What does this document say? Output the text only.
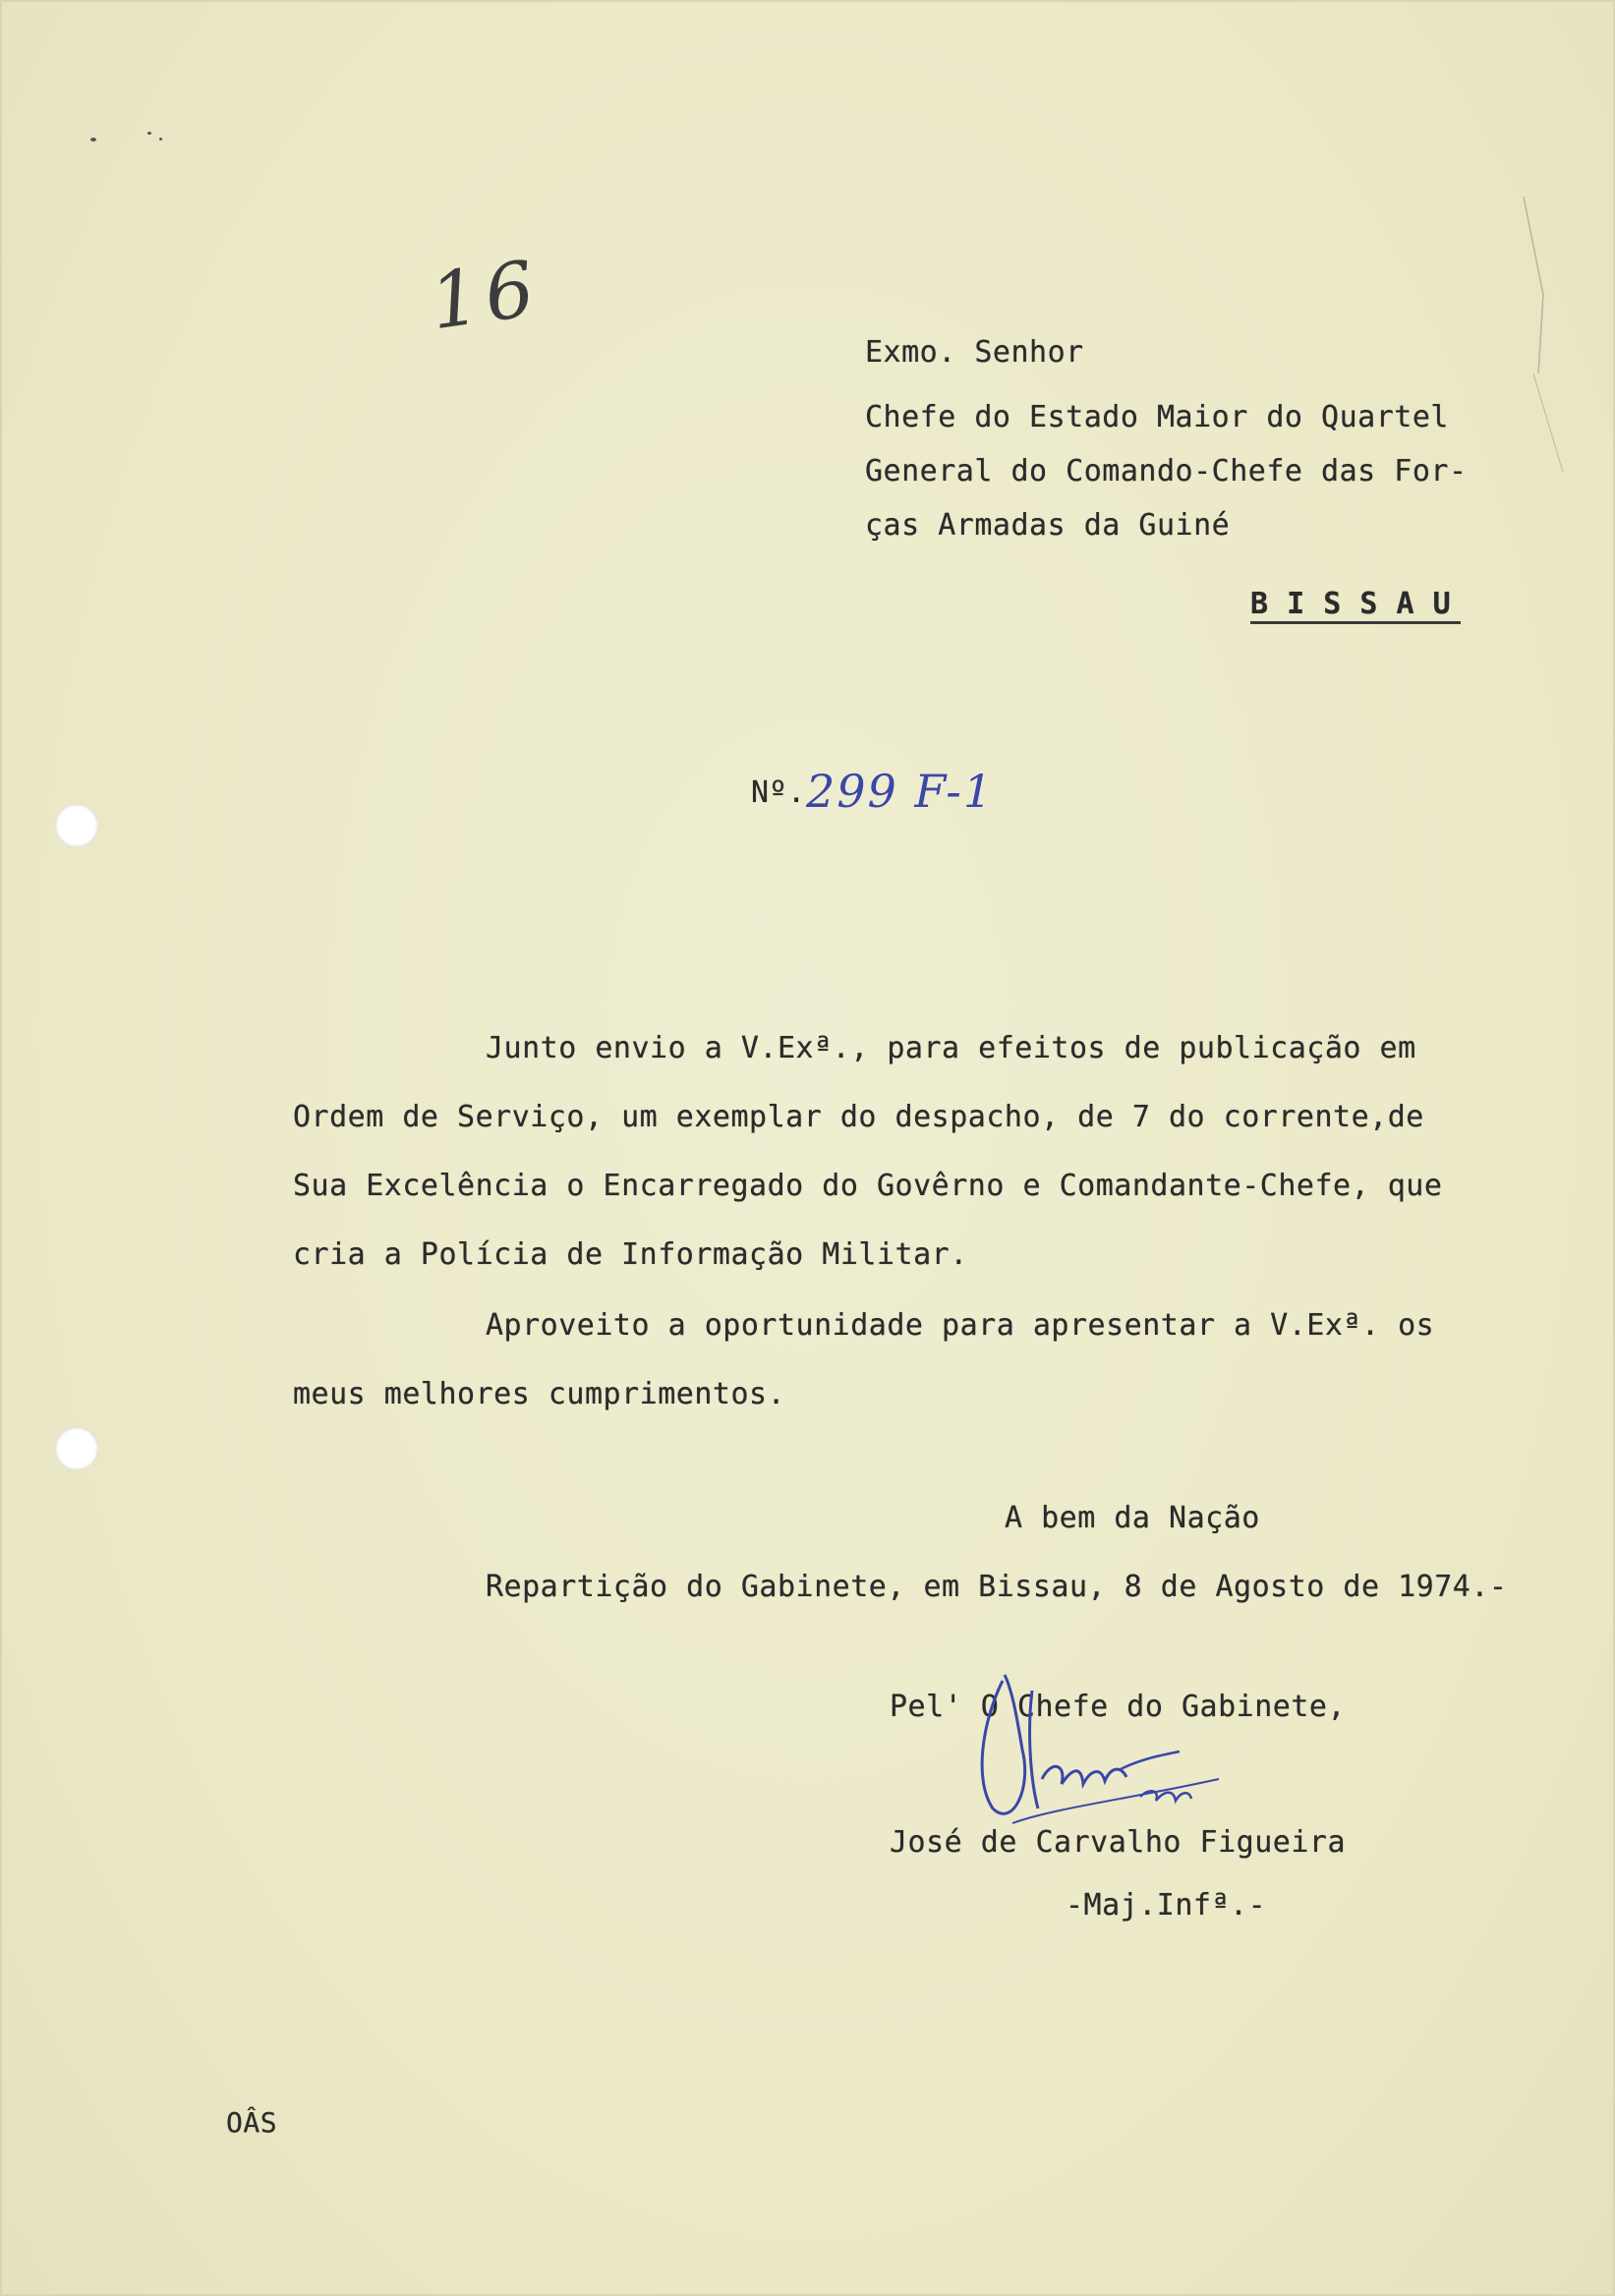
16
Exmo. Senhor
Chefe do Estado Maior do Quartel
General do Comando-Chefe das For-
ças Armadas da Guiné
B I S S A U
Nº. 299 F-1
Junto envio a V.Exª., para efeitos de publicação em
Ordem de Serviço, um exemplar do despacho, de 7 do corrente,de
Sua Excelência o Encarregado do Govêrno e Comandante-Chefe, que
cria a Polícia de Informação Militar.
Aproveito a oportunidade para apresentar a V.Exª. os
meus melhores cumprimentos.
A bem da Nação
Repartição do Gabinete, em Bissau, 8 de Agosto de 1974.-
Pel' O Chefe do Gabinete,
José de Carvalho Figueira
-Maj.Infª.-
OÂS
